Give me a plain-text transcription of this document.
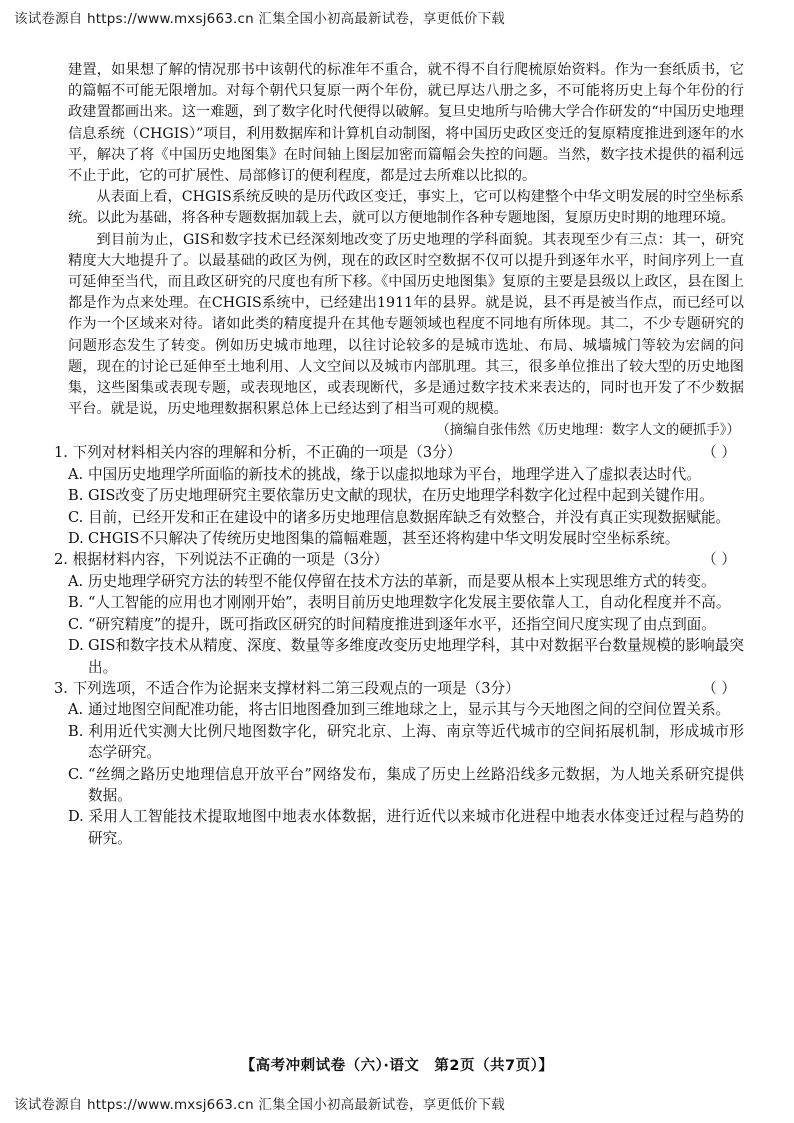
该试卷源自 https://www.mxsj663.cn 汇集全国小初高最新试卷，享更低价下载

建置，如果想了解的情况那书中该朝代的标准年不重合，就不得不自行爬梳原始资料。作为一套纸质书，它的篇幅不可能无限增加。对每个朝代只复原一两个年份，就已厚达八册之多，不可能将历史上每个年份的行政建置都画出来。这一难题，到了数字化时代便得以破解。复旦史地所与哈佛大学合作研发的“中国历史地理信息系统（CHGIS）”项目，利用数据库和计算机自动制图，将中国历史政区变迁的复原精度推进到逐年的水平，解决了将《中国历史地图集》在时间轴上图层加密而篇幅会失控的问题。当然，数字技术提供的福利远不止于此，它的可扩展性、局部修订的便利程度，都是过去所难以比拟的。

从表面上看，CHGIS系统反映的是历代政区变迁，事实上，它可以构建整个中华文明发展的时空坐标系统。以此为基础，将各种专题数据加载上去，就可以方便地制作各种专题地图，复原历史时期的地理环境。

到目前为止，GIS和数字技术已经深刻地改变了历史地理的学科面貌。其表现至少有三点：其一，研究精度大大地提升了。以最基础的政区为例，现在的政区时空数据不仅可以提升到逐年水平，时间序列上一直可延伸至当代，而且政区研究的尺度也有所下移。《中国历史地图集》复原的主要是县级以上政区，县在图上都是作为点来处理。在CHGIS系统中，已经建出1911年的县界。就是说，县不再是被当作点，而已经可以作为一个区域来对待。诸如此类的精度提升在其他专题领域也程度不同地有所体现。其二，不少专题研究的问题形态发生了转变。例如历史城市地理，以往讨论较多的是城市选址、布局、城墙城门等较为宏阔的问题，现在的讨论已延伸至土地利用、人文空间以及城市内部肌理。其三，很多单位推出了较大型的历史地图集，这些图集或表现专题，或表现地区，或表现断代，多是通过数字技术来表达的，同时也开发了不少数据平台。就是说，历史地理数据积累总体上已经达到了相当可观的规模。

（摘编自张伟然《历史地理：数字人文的硬抓手》）
1. 下列对材料相关内容的理解和分析，不正确的一项是（3分）	（ ）
A. 中国历史地理学所面临的新技术的挑战，缘于以虚拟地球为平台，地理学进入了虚拟表达时代。
B. GIS改变了历史地理研究主要依靠历史文献的现状，在历史地理学科数字化过程中起到关键作用。
C. 目前，已经开发和正在建设中的诸多历史地理信息数据库缺乏有效整合，并没有真正实现数据赋能。
D. CHGIS不只解决了传统历史地图集的篇幅难题，甚至还将构建中华文明发展时空坐标系统。
2. 根据材料内容，下列说法不正确的一项是（3分）	（ ）
A. 历史地理学研究方法的转型不能仅停留在技术方法的革新，而是要从根本上实现思维方式的转变。
B. “人工智能的应用也才刚刚开始”，表明目前历史地理数字化发展主要依靠人工，自动化程度并不高。
C. “研究精度”的提升，既可指政区研究的时间精度推进到逐年水平，还指空间尺度实现了由点到面。
D. GIS和数字技术从精度、深度、数量等多维度改变历史地理学科，其中对数据平台数量规模的影响最突出。
3. 下列选项，不适合作为论据来支撑材料二第三段观点的一项是（3分）	（ ）
A. 通过地图空间配准功能，将古旧地图叠加到三维地球之上，显示其与今天地图之间的空间位置关系。
B. 利用近代实测大比例尺地图数字化，研究北京、上海、南京等近代城市的空间拓展机制，形成城市形态学研究。
C. “丝绸之路历史地理信息开放平台”网络发布，集成了历史上丝路沿线多元数据，为人地关系研究提供数据。
D. 采用人工智能技术提取地图中地表水体数据，进行近代以来城市化进程中地表水体变迁过程与趋势的研究。
【高考冲刺试卷（六）·语文　第2页（共7页）】
该试卷源自 https://www.mxsj663.cn 汇集全国小初高最新试卷，享更低价下载
